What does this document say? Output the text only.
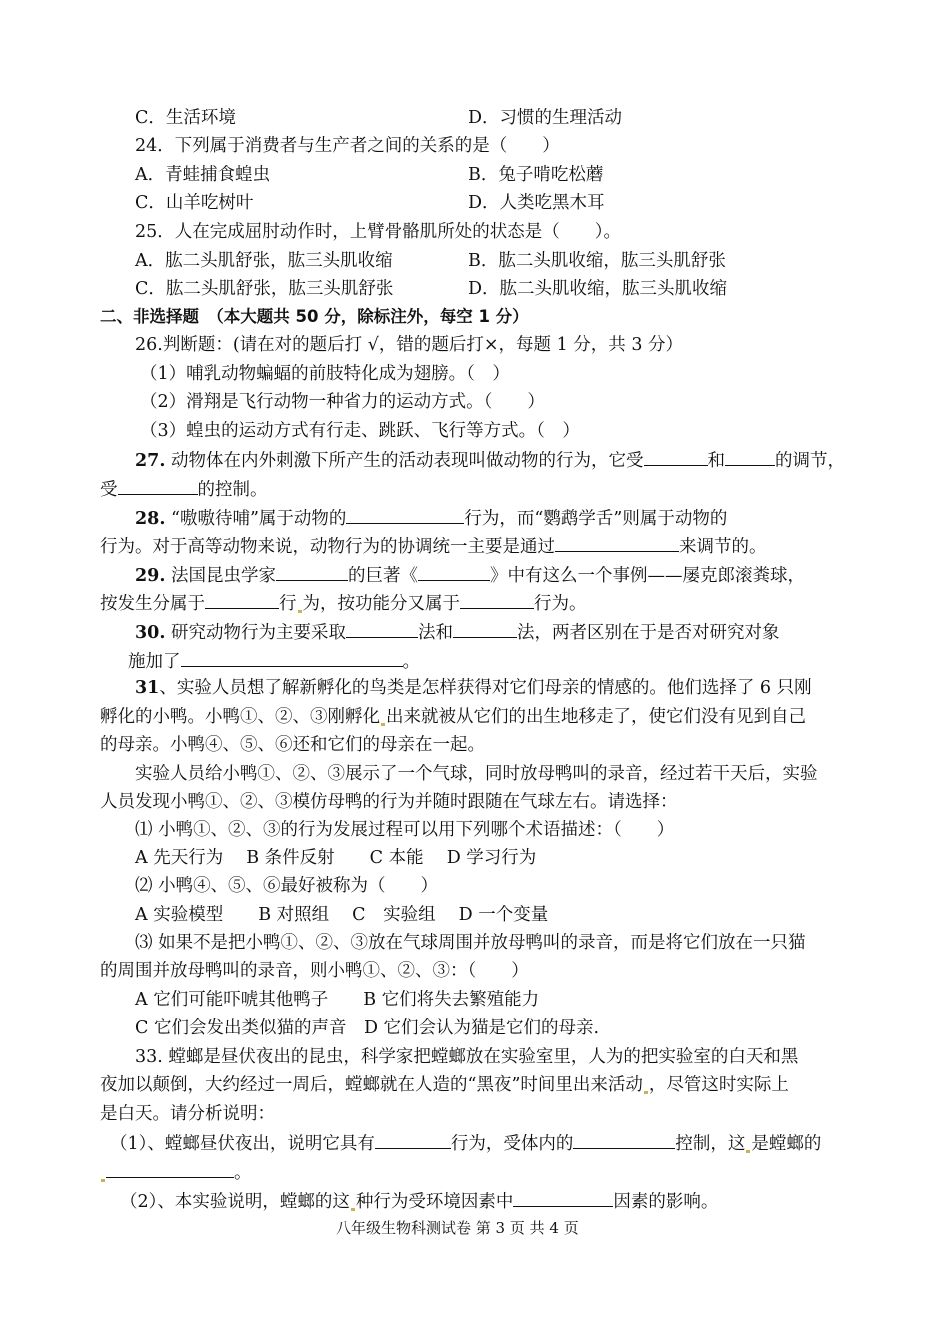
C．生活环境	D．习惯的生理活动
24．下列属于消费者与生产者之间的关系的是（　　）
A．青蛙捕食蝗虫	B．兔子啃吃松蘑
C．山羊吃树叶	D．人类吃黑木耳
25．人在完成屈肘动作时，上臂骨骼肌所处的状态是（　　）。
A．肱二头肌舒张，肱三头肌收缩	B．肱二头肌收缩，肱三头肌舒张
C．肱二头肌舒张，肱三头肌舒张	D．肱二头肌收缩，肱三头肌收缩
二、非选择题　（本大题共 50 分，除标注外，每空 1 分）
26.判断题：(请在对的题后打 √，错的题后打×，每题 1 分，共 3 分）
（1）哺乳动物蝙蝠的前肢特化成为翅膀。（　）
（2）滑翔是飞行动物一种省力的运动方式。（　　）
（3）蝗虫的运动方式有行走、跳跃、飞行等方式。（　）
27. 动物体在内外刺激下所产生的活动表现叫做动物的行为，它受	和	的调节，
受	的控制。
28. “嗷嗷待哺”属于动物的	行为，而“鹦鹉学舌”则属于动物的
行为。对于高等动物来说，动物行为的协调统一主要是通过	来调节的。
29. 法国昆虫学家	的巨著《	》中有这么一个事例——屡克郎滚粪球，
按发生分属于	行 为，按功能分又属于	行为。
30. 研究动物行为主要采取	法和	法，两者区别在于是否对研究对象
施加了	。
31、实验人员想了解新孵化的鸟类是怎样获得对它们母亲的情感的。他们选择了 6 只刚
孵化的小鸭。小鸭①、②、③刚孵化 出来就被从它们的出生地移走了，使它们没有见到自己
的母亲。小鸭④、⑤、⑥还和它们的母亲在一起。
实验人员给小鸭①、②、③展示了一个气球，同时放母鸭叫的录音，经过若干天后，实验
人员发现小鸭①、②、③模仿母鸭的行为并随时跟随在气球左右。请选择：
⑴ 小鸭①、②、③的行为发展过程可以用下列哪个术语描述：（　　）
A 先天行为　 B 条件反射　　C 本能　 D 学习行为
⑵ 小鸭④、⑤、⑥最好被称为（　　）
A 实验模型　　B 对照组　 C　实验组　 D 一个变量
⑶ 如果不是把小鸭①、②、③放在气球周围并放母鸭叫的录音，而是将它们放在一只猫
的周围并放母鸭叫的录音，则小鸭①、②、③：（　　）
A 它们可能吓唬其他鸭子　　B 它们将失去繁殖能力
C 它们会发出类似猫的声音　D 它们会认为猫是它们的母亲.
33. 螳螂是昼伏夜出的昆虫，科学家把螳螂放在实验室里，人为的把实验室的白天和黑
夜加以颠倒，大约经过一周后，螳螂就在人造的“黑夜”时间里出来活动 ，尽管这时实际上
是白天。请分析说明：
（1）、螳螂昼伏夜出，说明它具有	行为，受体内的	控制，这 是螳螂的
。
（2）、本实验说明，螳螂的这 种行为受环境因素中	因素的影响。
八年级生物科测试卷 第 3 页 共 4 页
